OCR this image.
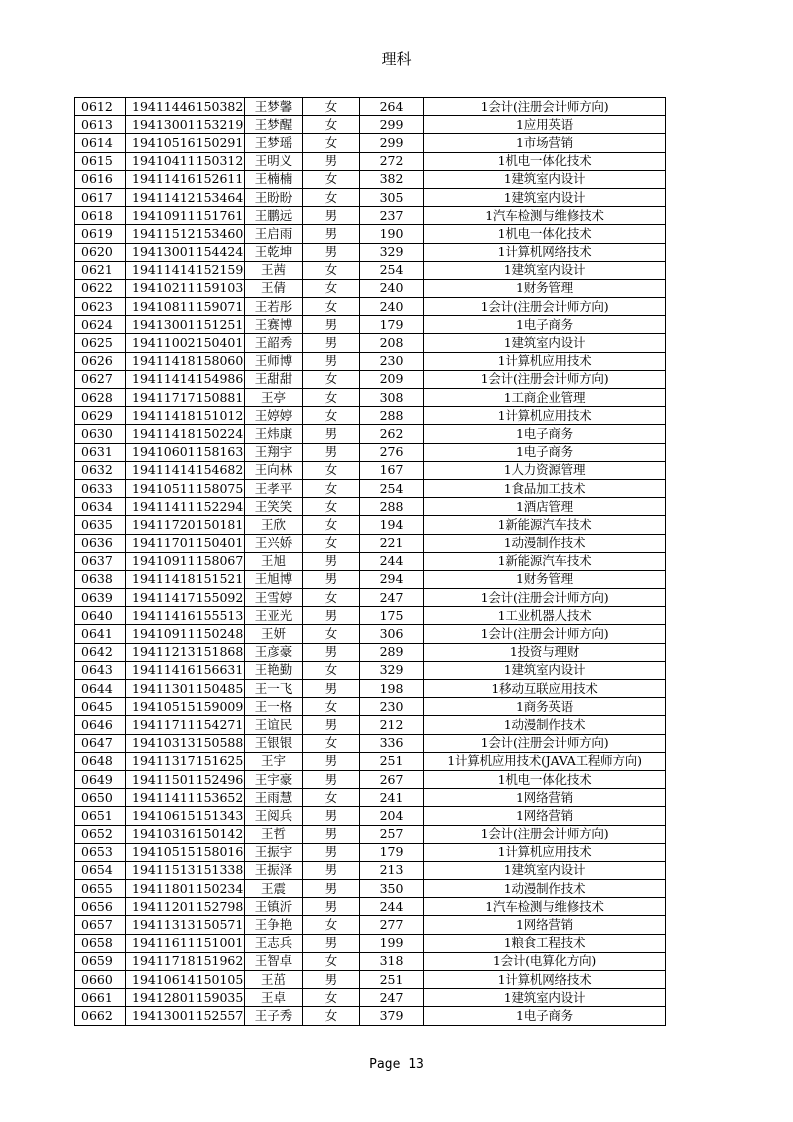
理科
0612	19411446150382	王梦馨	女	264	1会计(注册会计师方向)
0613	19413001153219	王梦醒	女	299	1应用英语
0614	19410516150291	王梦瑶	女	299	1市场营销
0615	19410411150312	王明义	男	272	1机电一体化技术
0616	19411416152611	王楠楠	女	382	1建筑室内设计
0617	19411412153464	王盼盼	女	305	1建筑室内设计
0618	19410911151761	王鹏远	男	237	1汽车检测与维修技术
0619	19411512153460	王启雨	男	190	1机电一体化技术
0620	19413001154424	王乾坤	男	329	1计算机网络技术
0621	19411414152159	王茜	女	254	1建筑室内设计
0622	19410211159103	王倩	女	240	1财务管理
0623	19410811159071	王若彤	女	240	1会计(注册会计师方向)
0624	19413001151251	王赛博	男	179	1电子商务
0625	19411002150401	王韶秀	男	208	1建筑室内设计
0626	19411418158060	王师博	男	230	1计算机应用技术
0627	19411414154986	王甜甜	女	209	1会计(注册会计师方向)
0628	19411717150881	王亭	女	308	1工商企业管理
0629	19411418151012	王婷婷	女	288	1计算机应用技术
0630	19411418150224	王炜康	男	262	1电子商务
0631	19410601158163	王翔宇	男	276	1电子商务
0632	19411414154682	王向林	女	167	1人力资源管理
0633	19410511158075	王孝平	女	254	1食品加工技术
0634	19411411152294	王笑笑	女	288	1酒店管理
0635	19411720150181	王欣	女	194	1新能源汽车技术
0636	19411701150401	王兴娇	女	221	1动漫制作技术
0637	19410911158067	王旭	男	244	1新能源汽车技术
0638	19411418151521	王旭博	男	294	1财务管理
0639	19411417155092	王雪婷	女	247	1会计(注册会计师方向)
0640	19411416155513	王亚光	男	175	1工业机器人技术
0641	19410911150248	王妍	女	306	1会计(注册会计师方向)
0642	19411213151868	王彦豪	男	289	1投资与理财
0643	19411416156631	王艳勤	女	329	1建筑室内设计
0644	19411301150485	王一飞	男	198	1移动互联应用技术
0645	19410515159009	王一格	女	230	1商务英语
0646	19411711154271	王谊民	男	212	1动漫制作技术
0647	19410313150588	王银银	女	336	1会计(注册会计师方向)
0648	19411317151625	王宇	男	251	1计算机应用技术(JAVA工程师方向)
0649	19411501152496	王宇豪	男	267	1机电一体化技术
0650	19411411153652	王雨慧	女	241	1网络营销
0651	19410615151343	王阅兵	男	204	1网络营销
0652	19410316150142	王哲	男	257	1会计(注册会计师方向)
0653	19410515158016	王振宇	男	179	1计算机应用技术
0654	19411513151338	王振泽	男	213	1建筑室内设计
0655	19411801150234	王震	男	350	1动漫制作技术
0656	19411201152798	王镇沂	男	244	1汽车检测与维修技术
0657	19411313150571	王争艳	女	277	1网络营销
0658	19411611151001	王志兵	男	199	1粮食工程技术
0659	19411718151962	王智卓	女	318	1会计(电算化方向)
0660	19410614150105	王茁	男	251	1计算机网络技术
0661	19412801159035	王卓	女	247	1建筑室内设计
0662	19413001152557	王子秀	女	379	1电子商务
Page 13
